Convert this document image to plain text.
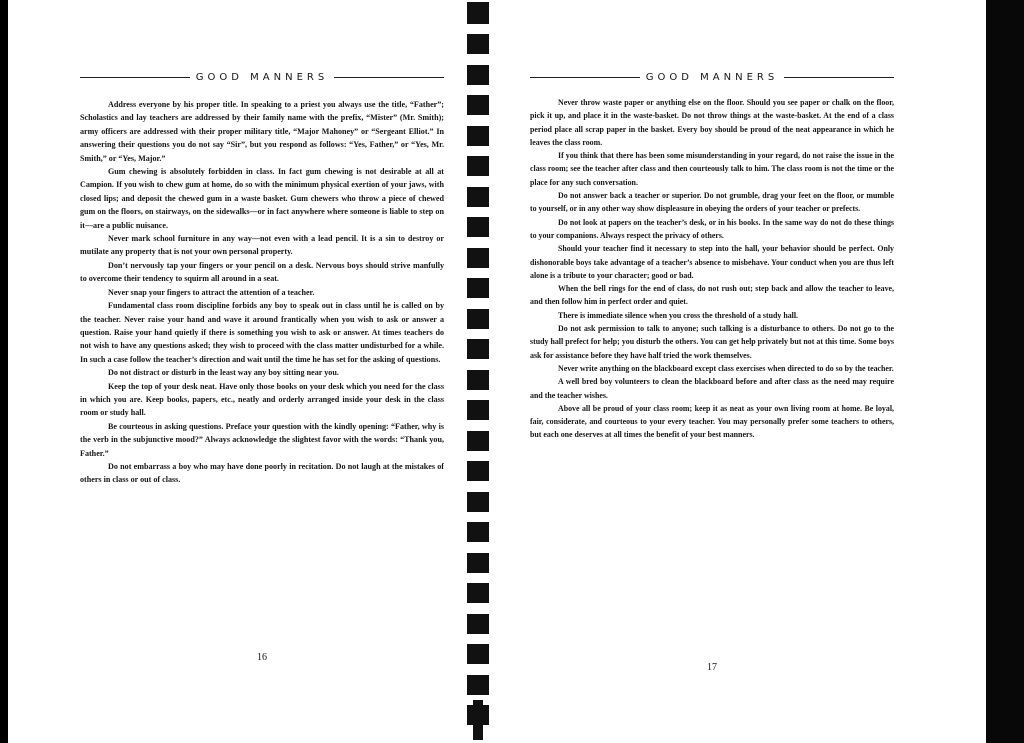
GOOD MANNERS

Address everyone by his proper title. In speaking to a priest you always use the title, “Father”; Scholastics and lay teachers are addressed by their family name with the prefix, “Mister” (Mr. Smith); army officers are addressed with their proper military title, “Major Mahoney” or “Sergeant Elliot.” In answering their questions you do not say “Sir”, but you respond as follows: “Yes, Father,” or “Yes, Mr. Smith,” or “Yes, Major.”

Gum chewing is absolutely forbidden in class. In fact gum chewing is not desirable at all at Campion. If you wish to chew gum at home, do so with the minimum physical exertion of your jaws, with closed lips; and deposit the chewed gum in a waste basket. Gum chewers who throw a piece of chewed gum on the floors, on stairways, on the sidewalks—or in fact anywhere where someone is liable to step on it—are a public nuisance.

Never mark school furniture in any way—not even with a lead pencil. It is a sin to destroy or mutilate any property that is not your own personal property.

Don’t nervously tap your fingers or your pencil on a desk. Nervous boys should strive manfully to overcome their tendency to squirm all around in a seat.

Never snap your fingers to attract the attention of a teacher.

Fundamental class room discipline forbids any boy to speak out in class until he is called on by the teacher. Never raise your hand and wave it around frantically when you wish to ask or answer a question. Raise your hand quietly if there is something you wish to ask or answer. At times teachers do not wish to have any questions asked; they wish to proceed with the class matter undisturbed for a while. In such a case follow the teacher’s direction and wait until the time he has set for the asking of questions.

Do not distract or disturb in the least way any boy sitting near you.

Keep the top of your desk neat. Have only those books on your desk which you need for the class in which you are. Keep books, papers, etc., neatly and orderly arranged inside your desk in the class room or study hall.

Be courteous in asking questions. Preface your question with the kindly opening: “Father, why is the verb in the subjunctive mood?” Always acknowledge the slightest favor with the words: “Thank you, Father.”

Do not embarrass a boy who may have done poorly in recitation. Do not laugh at the mistakes of others in class or out of class.

16
GOOD MANNERS

Never throw waste paper or anything else on the floor. Should you see paper or chalk on the floor, pick it up, and place it in the waste-basket. Do not throw things at the waste-basket. At the end of a class period place all scrap paper in the basket. Every boy should be proud of the neat appearance in which he leaves the class room.

If you think that there has been some misunderstanding in your regard, do not raise the issue in the class room; see the teacher after class and then courteously talk to him. The class room is not the time or the place for any such conversation.

Do not answer back a teacher or superior. Do not grumble, drag your feet on the floor, or mumble to yourself, or in any other way show displeasure in obeying the orders of your teacher or prefects.

Do not look at papers on the teacher’s desk, or in his books. In the same way do not do these things to your companions. Always respect the privacy of others.

Should your teacher find it necessary to step into the hall, your behavior should be perfect. Only dishonorable boys take advantage of a teacher’s absence to misbehave. Your conduct when you are thus left alone is a tribute to your character; good or bad.

When the bell rings for the end of class, do not rush out; step back and allow the teacher to leave, and then follow him in perfect order and quiet.

There is immediate silence when you cross the threshold of a study hall.

Do not ask permission to talk to anyone; such talking is a disturbance to others. Do not go to the study hall prefect for help; you disturb the others. You can get help privately but not at this time. Some boys ask for assistance before they have half tried the work themselves.

Never write anything on the blackboard except class exercises when directed to do so by the teacher.

A well bred boy volunteers to clean the blackboard before and after class as the need may require and the teacher wishes.

Above all be proud of your class room; keep it as neat as your own living room at home. Be loyal, fair, considerate, and courteous to your every teacher. You may personally prefer some teachers to others, but each one deserves at all times the benefit of your best manners.

17
